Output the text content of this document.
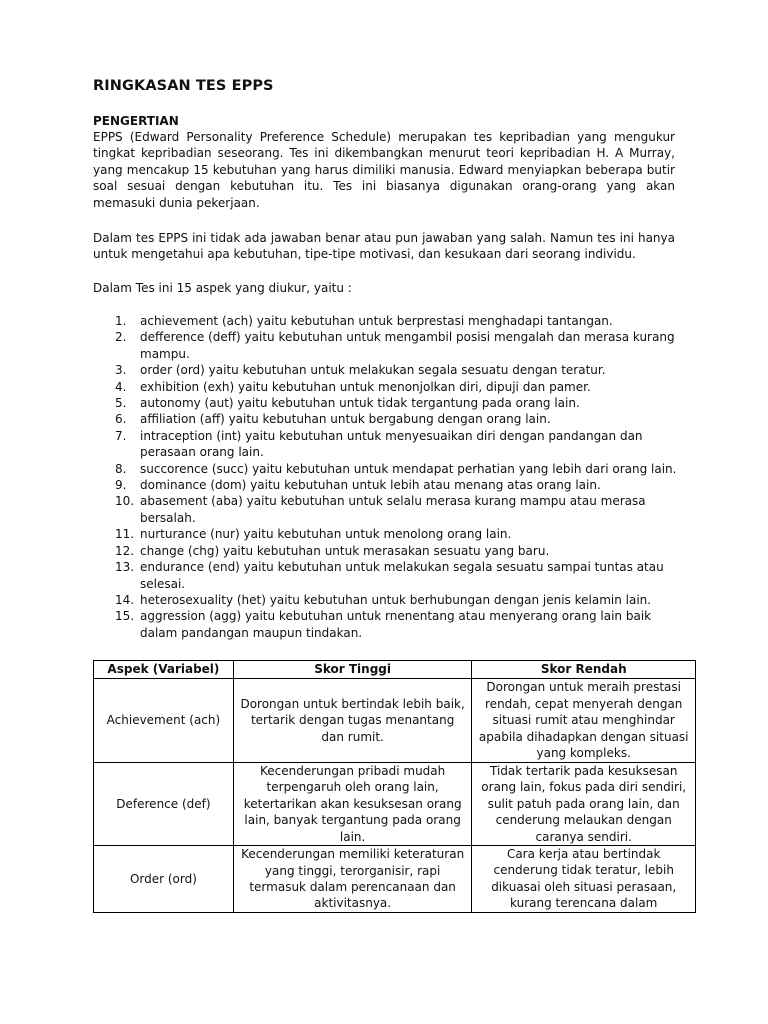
RINGKASAN TES EPPS
PENGERTIAN
EPPS (Edward Personality Preference Schedule) merupakan tes kepribadian yang mengukur tingkat kepribadian seseorang. Tes ini dikembangkan menurut teori kepribadian H. A Murray, yang mencakup 15 kebutuhan yang harus dimiliki manusia. Edward menyiapkan beberapa butir soal sesuai dengan kebutuhan itu. Tes ini biasanya digunakan orang-orang yang akan memasuki dunia pekerjaan.
Dalam tes EPPS ini tidak ada jawaban benar atau pun jawaban yang salah. Namun tes ini hanya untuk mengetahui apa kebutuhan, tipe-tipe motivasi, dan kesukaan dari seorang individu.
Dalam Tes ini 15 aspek yang diukur, yaitu :
1. achievement (ach) yaitu kebutuhan untuk berprestasi menghadapi tantangan.
2. defference (deff) yaitu kebutuhan untuk mengambil posisi mengalah dan merasa kurang mampu.
3. order (ord) yaitu kebutuhan untuk melakukan segala sesuatu dengan teratur.
4. exhibition (exh) yaitu kebutuhan untuk menonjolkan diri, dipuji dan pamer.
5. autonomy (aut) yaitu kebutuhan untuk tidak tergantung pada orang lain.
6. affiliation (aff) yaitu kebutuhan untuk bergabung dengan orang lain.
7. intraception (int) yaitu kebutuhan untuk menyesuaikan diri dengan pandangan dan perasaan orang lain.
8. succorence (succ) yaitu kebutuhan untuk mendapat perhatian yang lebih dari orang lain.
9. dominance (dom) yaitu kebutuhan untuk lebih atau menang atas orang lain.
10. abasement (aba) yaitu kebutuhan untuk selalu merasa kurang mampu atau merasa bersalah.
11. nurturance (nur) yaitu kebutuhan untuk menolong orang lain.
12. change (chg) yaitu kebutuhan untuk merasakan sesuatu yang baru.
13. endurance (end) yaitu kebutuhan untuk melakukan segala sesuatu sampai tuntas atau selesai.
14. heterosexuality (het) yaitu kebutuhan untuk berhubungan dengan jenis kelamin lain.
15. aggression (agg) yaitu kebutuhan untuk rnenentang atau menyerang orang lain baik dalam pandangan maupun tindakan.
Aspek (Variabel)	Skor Tinggi	Skor Rendah
Achievement (ach)	Dorongan untuk bertindak lebih baik, tertarik dengan tugas menantang dan rumit.	Dorongan untuk meraih prestasi rendah, cepat menyerah dengan situasi rumit atau menghindar apabila dihadapkan dengan situasi yang kompleks.
Deference (def)	Kecenderungan pribadi mudah terpengaruh oleh orang lain, ketertarikan akan kesuksesan orang lain, banyak tergantung pada orang lain.	Tidak tertarik pada kesuksesan orang lain, fokus pada diri sendiri, sulit patuh pada orang lain, dan cenderung melaukan dengan caranya sendiri.
Order (ord)	Kecenderungan memiliki keteraturan yang tinggi, terorganisir, rapi termasuk dalam perencanaan dan aktivitasnya.	Cara kerja atau bertindak cenderung tidak teratur, lebih dikuasai oleh situasi perasaan, kurang terencana dalam
